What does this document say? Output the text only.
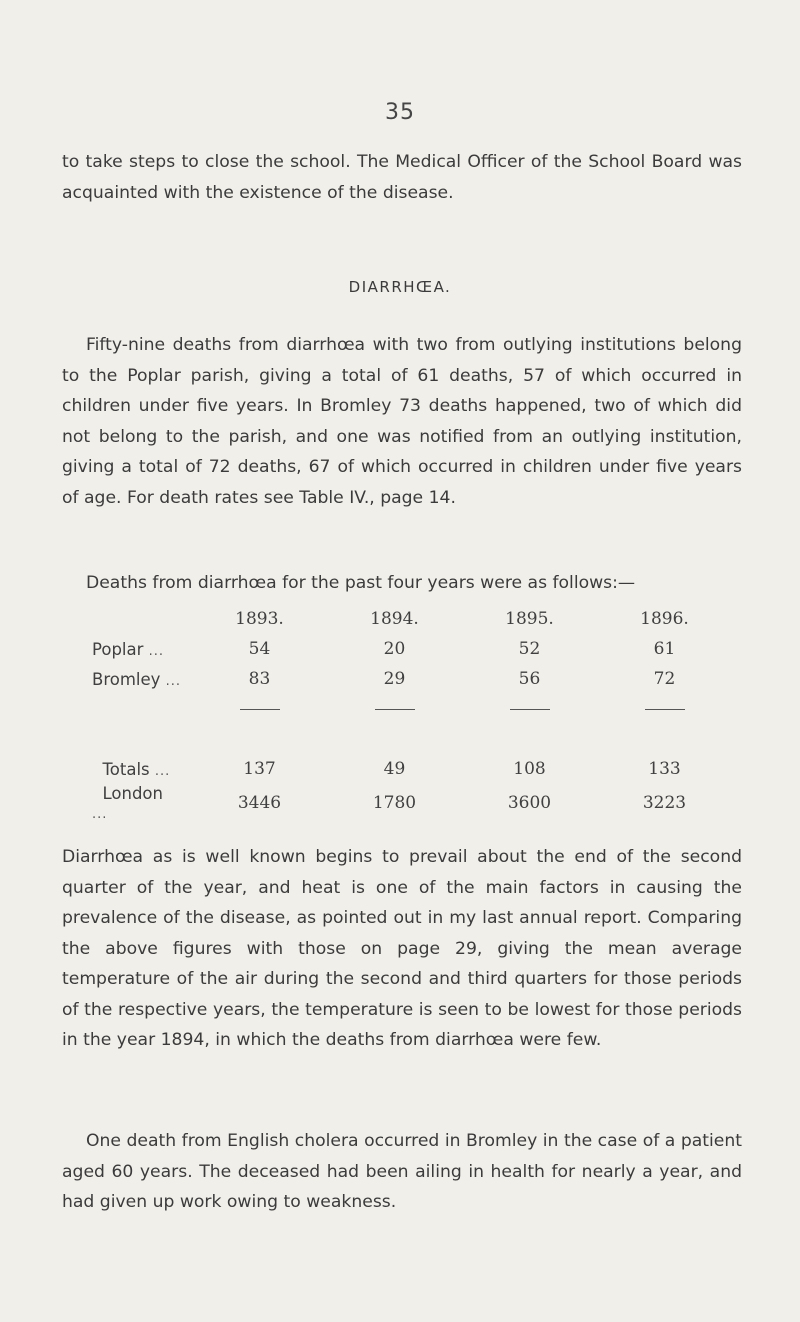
35

to take steps to close the school. The Medical Officer of the School Board was acquainted with the existence of the disease.

DIARRHŒA.

Fifty-nine deaths from diarrhœa with two from outlying institutions belong to the Poplar parish, giving a total of 61 deaths, 57 of which occurred in children under five years. In Bromley 73 deaths happened, two of which did not belong to the parish, and one was notified from an outlying institution, giving a total of 72 deaths, 67 of which occurred in children under five years of age. For death rates see Table IV., page 14.

Deaths from diarrhœa for the past four years were as follows:—

	1893.	1894.	1895.	1896.
Poplar ...	54	20	52	61
Bromley ...	83	29	56	72

Totals ...	137	49	108	133
London ...	3446	1780	3600	3223

Diarrhœa as is well known begins to prevail about the end of the second quarter of the year, and heat is one of the main factors in causing the prevalence of the disease, as pointed out in my last annual report. Comparing the above figures with those on page 29, giving the mean average temperature of the air during the second and third quarters for those periods of the respective years, the temperature is seen to be lowest for those periods in the year 1894, in which the deaths from diarrhœa were few.

One death from English cholera occurred in Bromley in the case of a patient aged 60 years. The deceased had been ailing in health for nearly a year, and had given up work owing to weakness.
